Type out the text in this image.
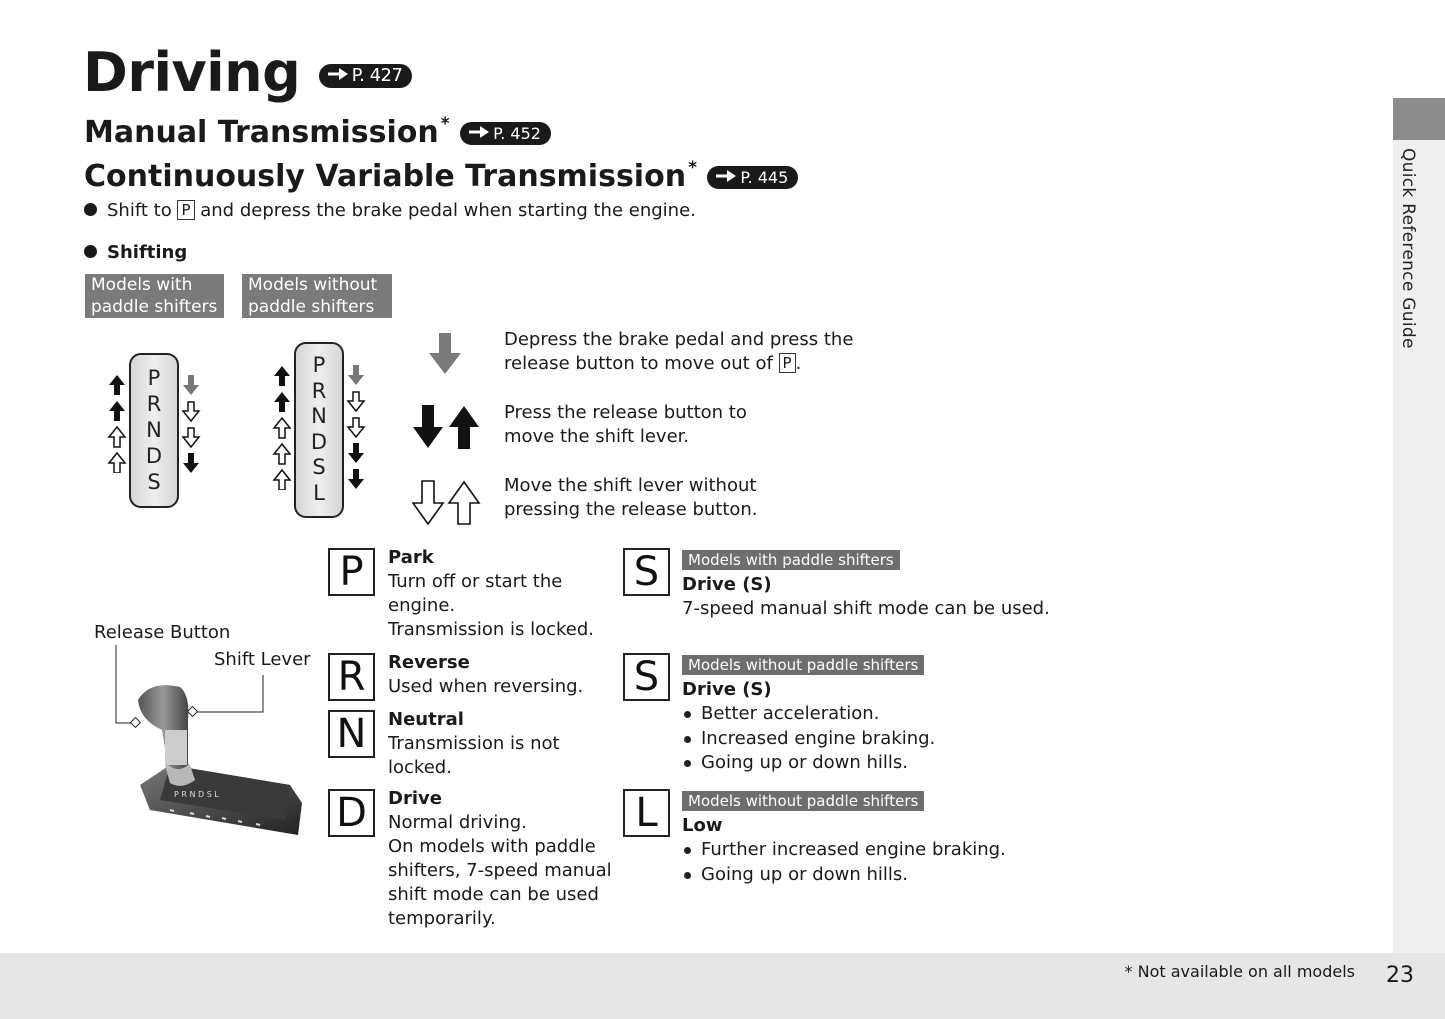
Driving	P. 427
Manual Transmission *	P. 452
Continuously Variable Transmission *	P. 445
Shift to P and depress the brake pedal when starting the engine.
Shifting
Models with
paddle shifters
Models without
paddle shifters
P
R
N
D
S
P
R
N
D
S
L
Depress the brake pedal and press the
release button to move out of P .
Press the release button to
move the shift lever.
Move the shift lever without
pressing the release button.
Release Button
Shift Lever
P R N D S L
P	Park
Turn off or start the
engine.
Transmission is locked.
R	Reverse
Used when reversing.
N	Neutral
Transmission is not
locked.
D	Drive
Normal driving.
On models with paddle
shifters, 7-speed manual
shift mode can be used
temporarily.
S	Models with paddle shifters
Drive (S)
7-speed manual shift mode can be used.
S	Models without paddle shifters
Drive (S)
Better acceleration.
Increased engine braking.
Going up or down hills.
L	Models without paddle shifters
Low
Further increased engine braking.
Going up or down hills.
Quick Reference Guide
* Not available on all models 23
